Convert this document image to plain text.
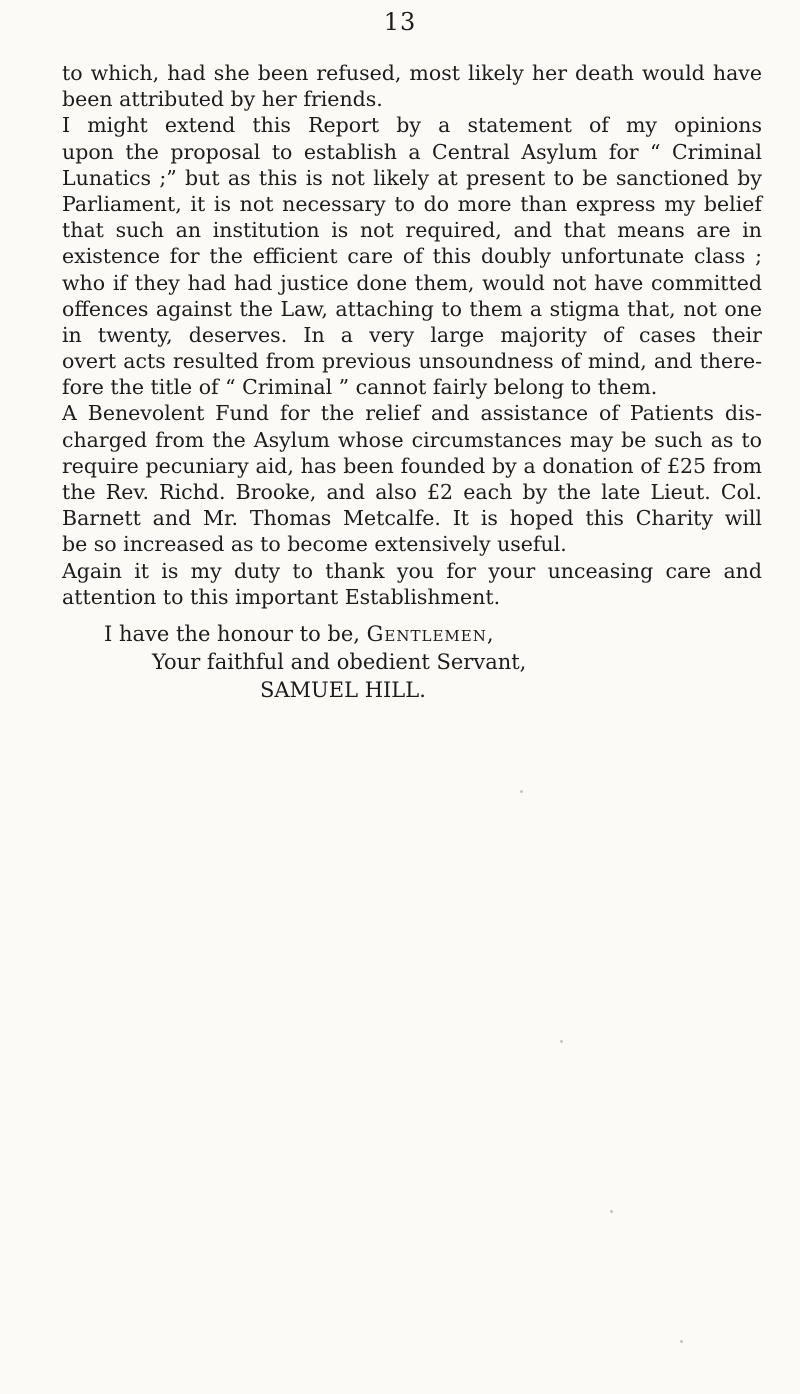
13
to which, had she been refused, most likely her death would have
been attributed by her friends.
I might extend this Report by a statement of my opinions
upon the proposal to establish a Central Asylum for “ Criminal
Lunatics ;” but as this is not likely at present to be sanctioned by
Parliament, it is not necessary to do more than express my belief
that such an institution is not required, and that means are in
existence for the efficient care of this doubly unfortunate class ;
who if they had had justice done them, would not have committed
offences against the Law, attaching to them a stigma that, not one
in twenty, deserves. In a very large majority of cases their
overt acts resulted from previous unsoundness of mind, and there-
fore the title of “ Criminal ” cannot fairly belong to them.
A Benevolent Fund for the relief and assistance of Patients dis-
charged from the Asylum whose circumstances may be such as to
require pecuniary aid, has been founded by a donation of £25 from
the Rev. Richd. Brooke, and also £2 each by the late Lieut. Col.
Barnett and Mr. Thomas Metcalfe. It is hoped this Charity will
be so increased as to become extensively useful.
Again it is my duty to thank you for your unceasing care and
attention to this important Establishment.
I have the honour to be, Gentlemen,
Your faithful and obedient Servant,
SAMUEL HILL.
